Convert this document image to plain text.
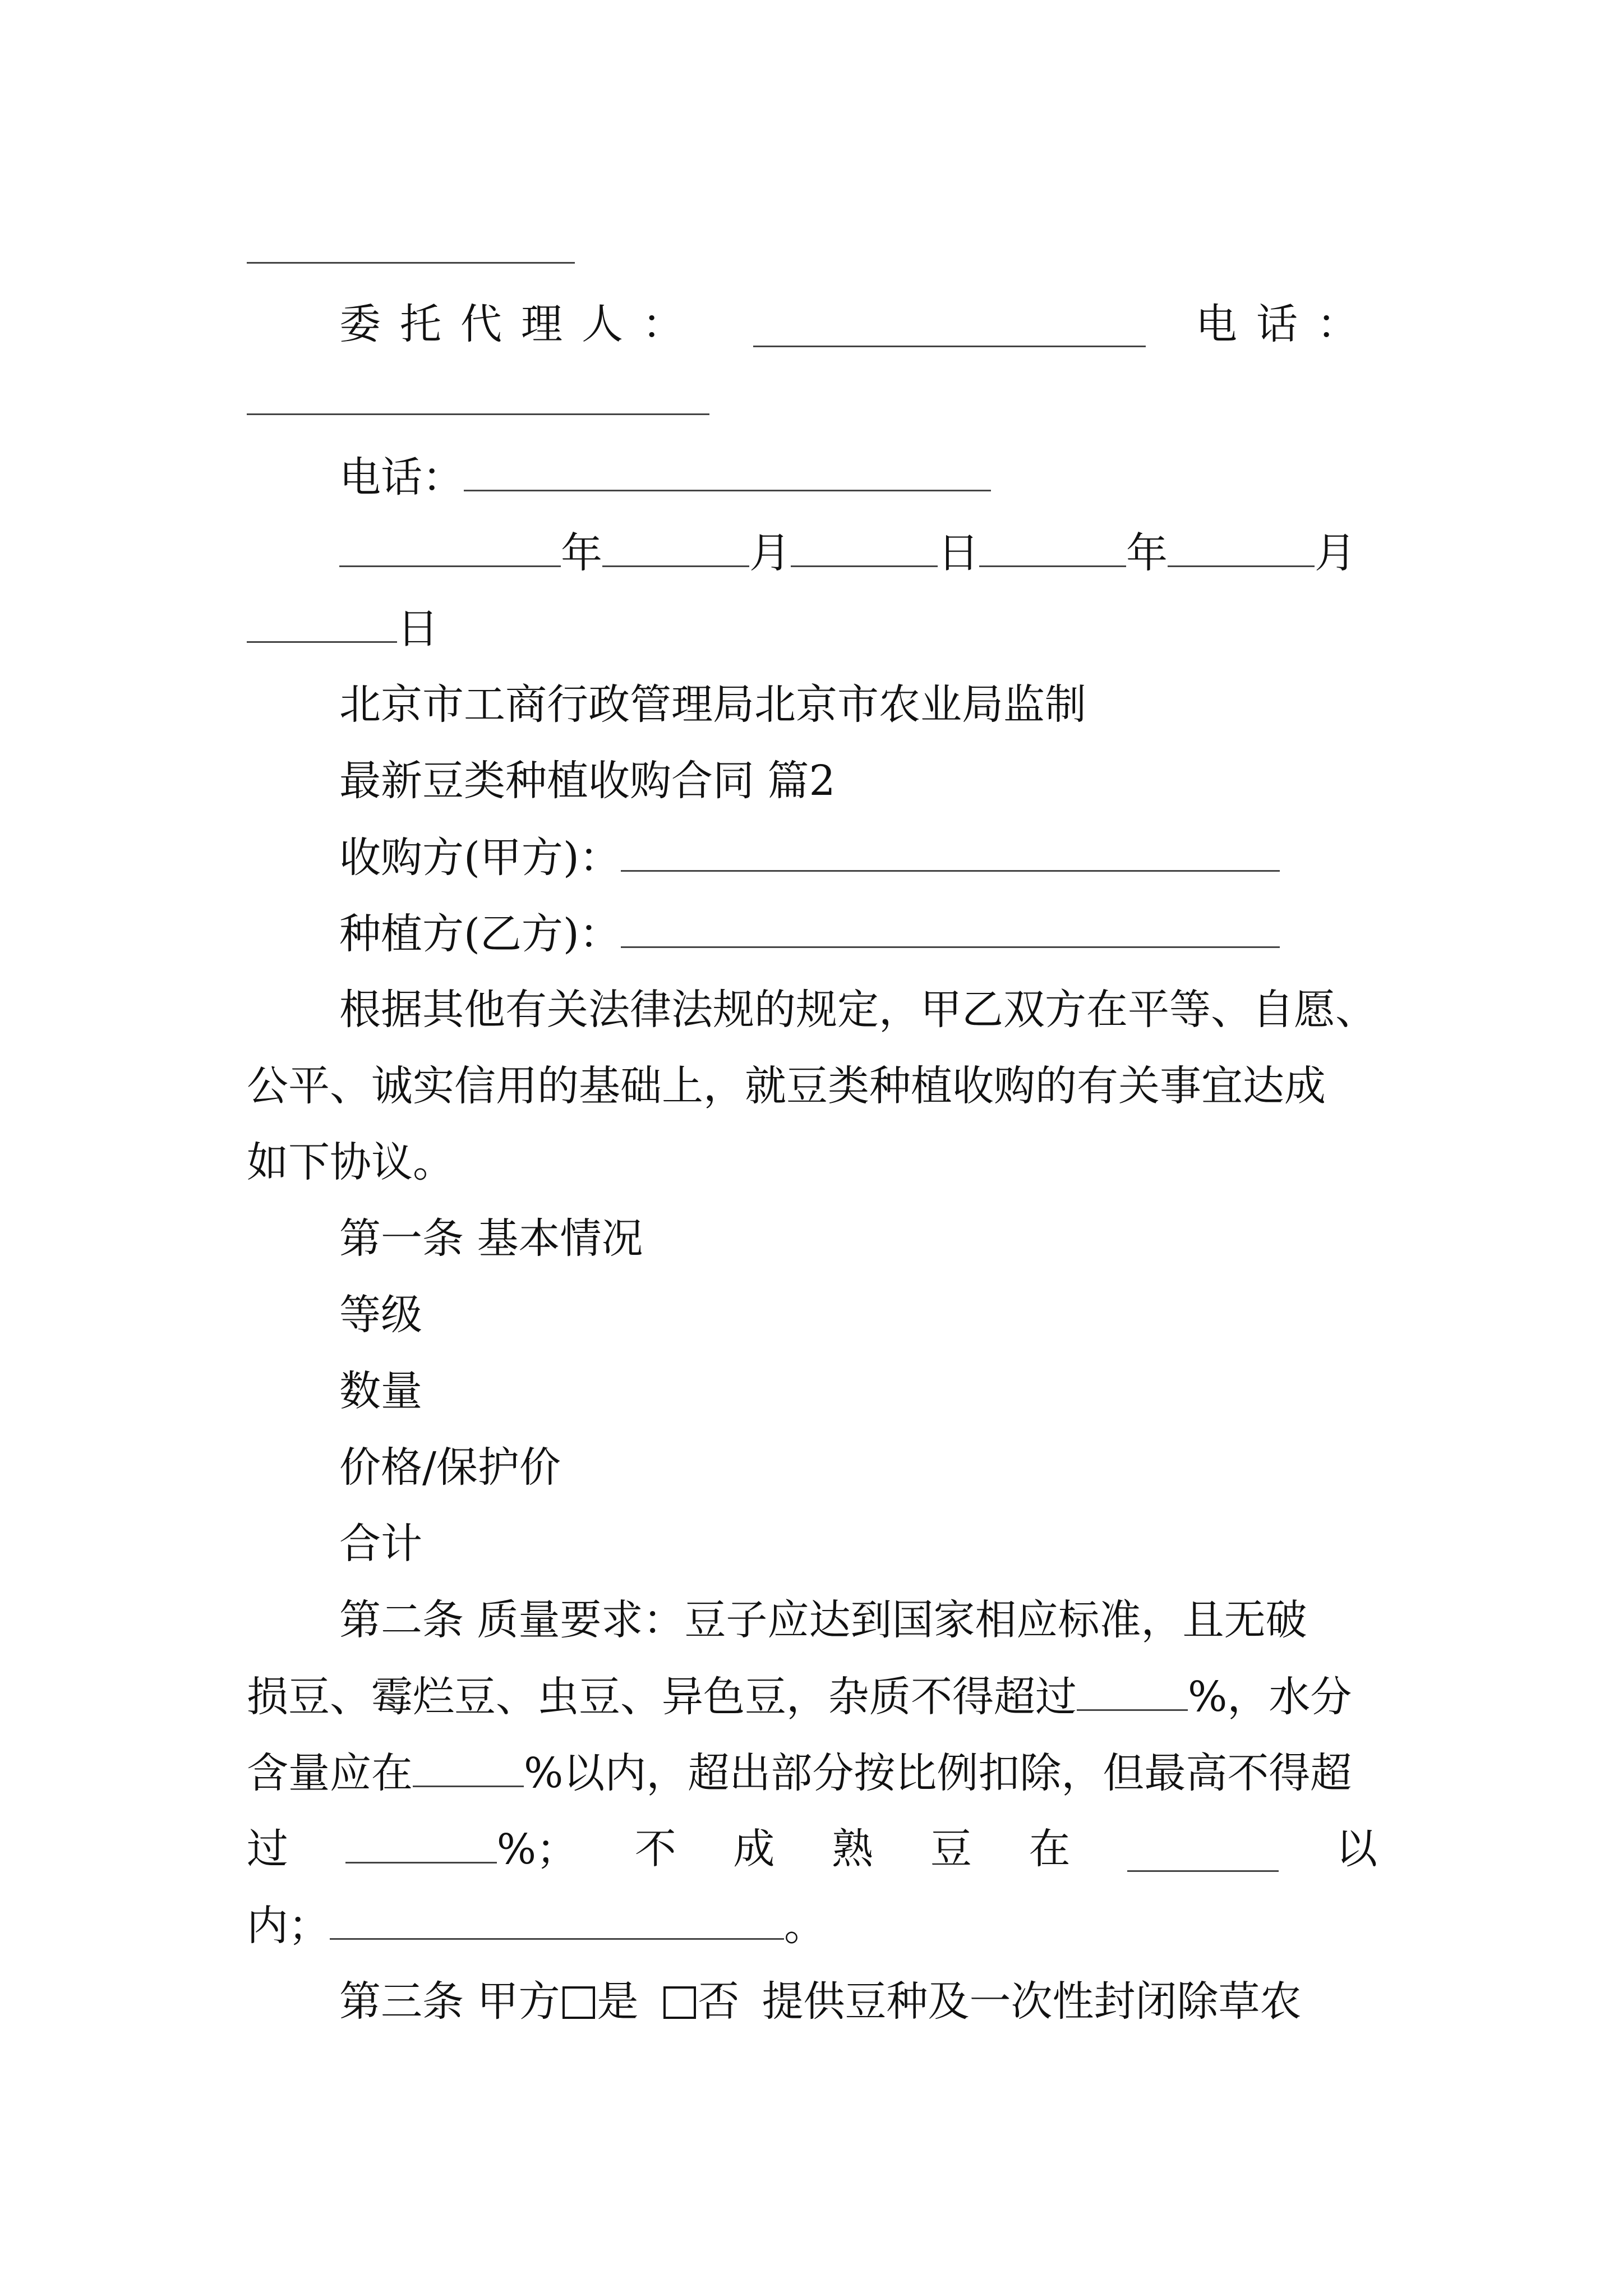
委托代理人：	电话：
电话：
年	月	日	年	月
日
北京市工商行政管理局北京市农业局监制
最新豆类种植收购合同 篇2
收购方(甲方)：
种植方(乙方)：
根据其他有关法律法规的规定，甲乙双方在平等、自愿、
公平、诚实信用的基础上，就豆类种植收购的有关事宜达成
如下协议。
第一条 基本情况
等级
数量
价格/保护价
合计
第二条 质量要求：豆子应达到国家相应标准，且无破
损豆、霉烂豆、虫豆、异色豆，杂质不得超过	%，水分
含量应在	%以内，超出部分按比例扣除，但最高不得超
过	%； 不 成 熟 豆 在	以
内；	。
第三条 甲方 是 否 提供豆种及一次性封闭除草农
